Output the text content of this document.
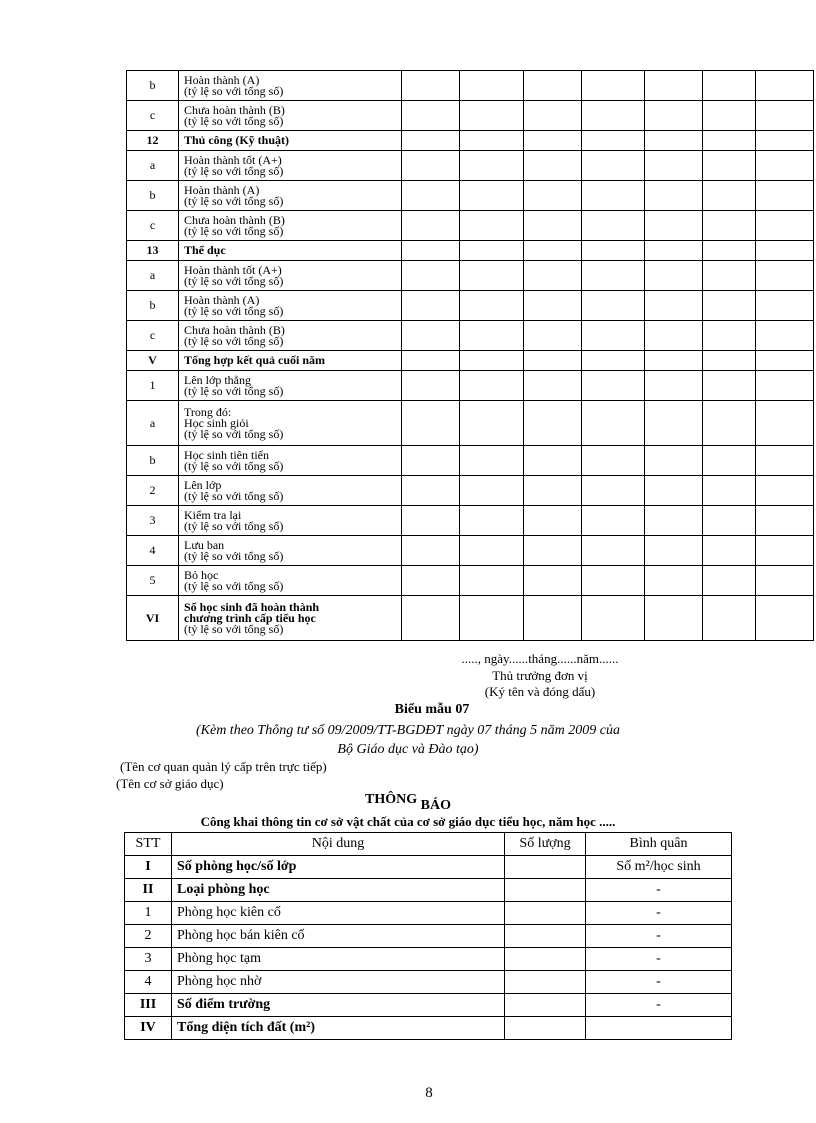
b	Hoàn thành (A)
(tỷ lệ so với tổng số)							

c	Chưa hoàn thành (B)
(tỷ lệ so với tổng số)							

12	Thủ công (Kỹ thuật)							
a	Hoàn thành tốt (A+)
(tỷ lệ so với tổng số)							

b	Hoàn thành (A)
(tỷ lệ so với tổng số)							

c	Chưa hoàn thành (B)
(tỷ lệ so với tổng số)							

13	Thể dục							
a	Hoàn thành tốt (A+)
(tỷ lệ so với tổng số)							

b	Hoàn thành (A)
(tỷ lệ so với tổng số)							

c	Chưa hoàn thành (B)
(tỷ lệ so với tổng số)							

V	Tổng hợp kết quả cuối năm							
1	Lên lớp thẳng
(tỷ lệ so với tổng số)							

a	Trong đó:
Học sinh giỏi
(tỷ lệ so với tổng số)							

b	Học sinh tiên tiến
(tỷ lệ so với tổng số)							

2	Lên lớp
(tỷ lệ so với tổng số)							

3	Kiểm tra lại
(tỷ lệ so với tổng số)							

4	Lưu ban
(tỷ lệ so với tổng số)							

5	Bỏ học
(tỷ lệ so với tổng số)							

VI	Số học sinh đã hoàn thành
chương trình cấp tiểu học
(tỷ lệ so với tổng số)							

....., ngày......tháng......năm......
Thủ trưởng đơn vị
(Ký tên và đóng dấu)
Biểu mẫu 07
(Kèm theo Thông tư số 09/2009/TT-BGDĐT ngày 07 tháng 5 năm 2009 của
Bộ Giáo dục và Đào tạo)
(Tên cơ quan quản lý cấp trên trực tiếp)
(Tên cơ sở giáo dục)
THÔNG BÁO
Công khai thông tin cơ sở vật chất của cơ sở giáo dục tiểu học, năm học .....
STT	Nội dung	Số lượng	Bình quân
I	Số phòng học/số lớp		Số m²/học sinh
II	Loại phòng học		-
1	Phòng học kiên cố		-
2	Phòng học bán kiên cố		-
3	Phòng học tạm		-
4	Phòng học nhờ		-
III	Số điểm trường		-
IV	Tổng diện tích đất (m²)		
8
